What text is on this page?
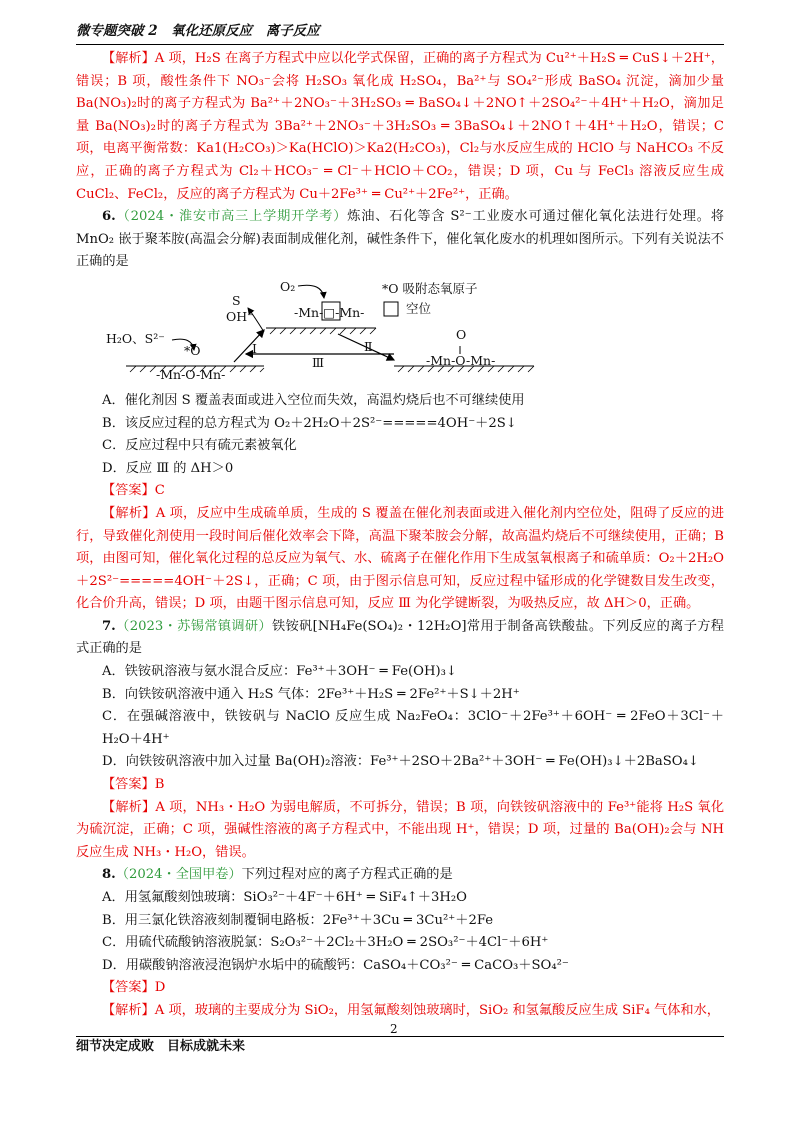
微专题突破 2　氧化还原反应　离子反应

【解析】A 项，H₂S 在离子方程式中应以化学式保留，正确的离子方程式为 Cu²⁺＋H₂S ═ CuS↓＋2H⁺，错误；B 项，酸性条件下 NO₃⁻会将 H₂SO₃ 氧化成 H₂SO₄，Ba²⁺与 SO₄²⁻形成 BaSO₄ 沉淀，滴加少量 Ba(NO₃)₂时的离子方程式为 Ba²⁺＋2NO₃⁻＋3H₂SO₃ ═ BaSO₄↓＋2NO↑＋2SO₄²⁻＋4H⁺＋H₂O，滴加足量 Ba(NO₃)₂时的离子方程式为 3Ba²⁺＋2NO₃⁻＋3H₂SO₃ ═ 3BaSO₄↓＋2NO↑＋4H⁺＋H₂O，错误；C 项，电离平衡常数：Ka1(H₂CO₃)＞Ka(HClO)＞Ka2(H₂CO₃)，Cl₂与水反应生成的 HClO 与 NaHCO₃ 不反应，正确的离子方程式为 Cl₂＋HCO₃⁻ ═ Cl⁻＋HClO＋CO₂，错误；D 项，Cu 与 FeCl₃ 溶液反应生成 CuCl₂、FeCl₂，反应的离子方程式为 Cu＋2Fe³⁺ ═ Cu²⁺＋2Fe²⁺，正确。

6.（2024・淮安市高三上学期开学考）炼油、石化等含 S²⁻工业废水可通过催化氧化法进行处理。将 MnO₂ 嵌于聚苯胺(高温会分解)表面制成催化剂，碱性条件下，催化氧化废水的机理如图所示。下列有关说法不正确的是

O₂
-Mn-□-Mn-
S
OH⁻
H₂O、S²⁻
*O
-Mn-O-Mn-
O
-Mn-O-Mn-
Ⅰ	Ⅱ
Ⅲ
*O 吸附态氧原子
空位

A．催化剂因 S 覆盖表面或进入空位而失效，高温灼烧后也不可继续使用

B．该反应过程的总方程式为 O₂＋2H₂O＋2S²⁻=====4OH⁻＋2S↓

C．反应过程中只有硫元素被氧化

D．反应 Ⅲ 的 ΔH＞0

【答案】C

【解析】A 项，反应中生成硫单质，生成的 S 覆盖在催化剂表面或进入催化剂内空位处，阻碍了反应的进行，导致催化剂使用一段时间后催化效率会下降，高温下聚苯胺会分解，故高温灼烧后不可继续使用，正确；B 项，由图可知，催化氧化过程的总反应为氧气、水、硫离子在催化作用下生成氢氧根离子和硫单质：O₂＋2H₂O＋2S²⁻=====4OH⁻＋2S↓，正确；C 项，由于图示信息可知，反应过程中锰形成的化学键数目发生改变，化合价升高，错误；D 项，由题干图示信息可知，反应 Ⅲ 为化学键断裂，为吸热反应，故 ΔH＞0，正确。

7.（2023・苏锡常镇调研）铁铵矾[NH₄Fe(SO₄)₂・12H₂O]常用于制备高铁酸盐。下列反应的离子方程式正确的是

A．铁铵矾溶液与氨水混合反应：Fe³⁺＋3OH⁻ ═ Fe(OH)₃↓

B．向铁铵矾溶液中通入 H₂S 气体：2Fe³⁺＋H₂S ═ 2Fe²⁺＋S↓＋2H⁺

C．在强碱溶液中，铁铵矾与 NaClO 反应生成 Na₂FeO₄：3ClO⁻＋2Fe³⁺＋6OH⁻ ═ 2FeO＋3Cl⁻＋H₂O＋4H⁺

D．向铁铵矾溶液中加入过量 Ba(OH)₂溶液：Fe³⁺＋2SO＋2Ba²⁺＋3OH⁻ ═ Fe(OH)₃↓＋2BaSO₄↓

【答案】B

【解析】A 项，NH₃・H₂O 为弱电解质，不可拆分，错误；B 项，向铁铵矾溶液中的 Fe³⁺能将 H₂S 氧化为硫沉淀，正确；C 项，强碱性溶液的离子方程式中，不能出现 H⁺，错误；D 项，过量的 Ba(OH)₂会与 NH 反应生成 NH₃・H₂O，错误。

8.（2024・全国甲卷）下列过程对应的离子方程式正确的是

A．用氢氟酸刻蚀玻璃：SiO₃²⁻＋4F⁻＋6H⁺ ═ SiF₄↑＋3H₂O

B．用三氯化铁溶液刻制覆铜电路板：2Fe³⁺＋3Cu ═ 3Cu²⁺＋2Fe

C．用硫代硫酸钠溶液脱氯：S₂O₃²⁻＋2Cl₂＋3H₂O ═ 2SO₃²⁻＋4Cl⁻＋6H⁺

D．用碳酸钠溶液浸泡锅炉水垢中的硫酸钙：CaSO₄＋CO₃²⁻ ═ CaCO₃＋SO₄²⁻

【答案】D

【解析】A 项，玻璃的主要成分为 SiO₂，用氢氟酸刻蚀玻璃时，SiO₂ 和氢氟酸反应生成 SiF₄ 气体和水，

2
细节决定成败　目标成就未来
